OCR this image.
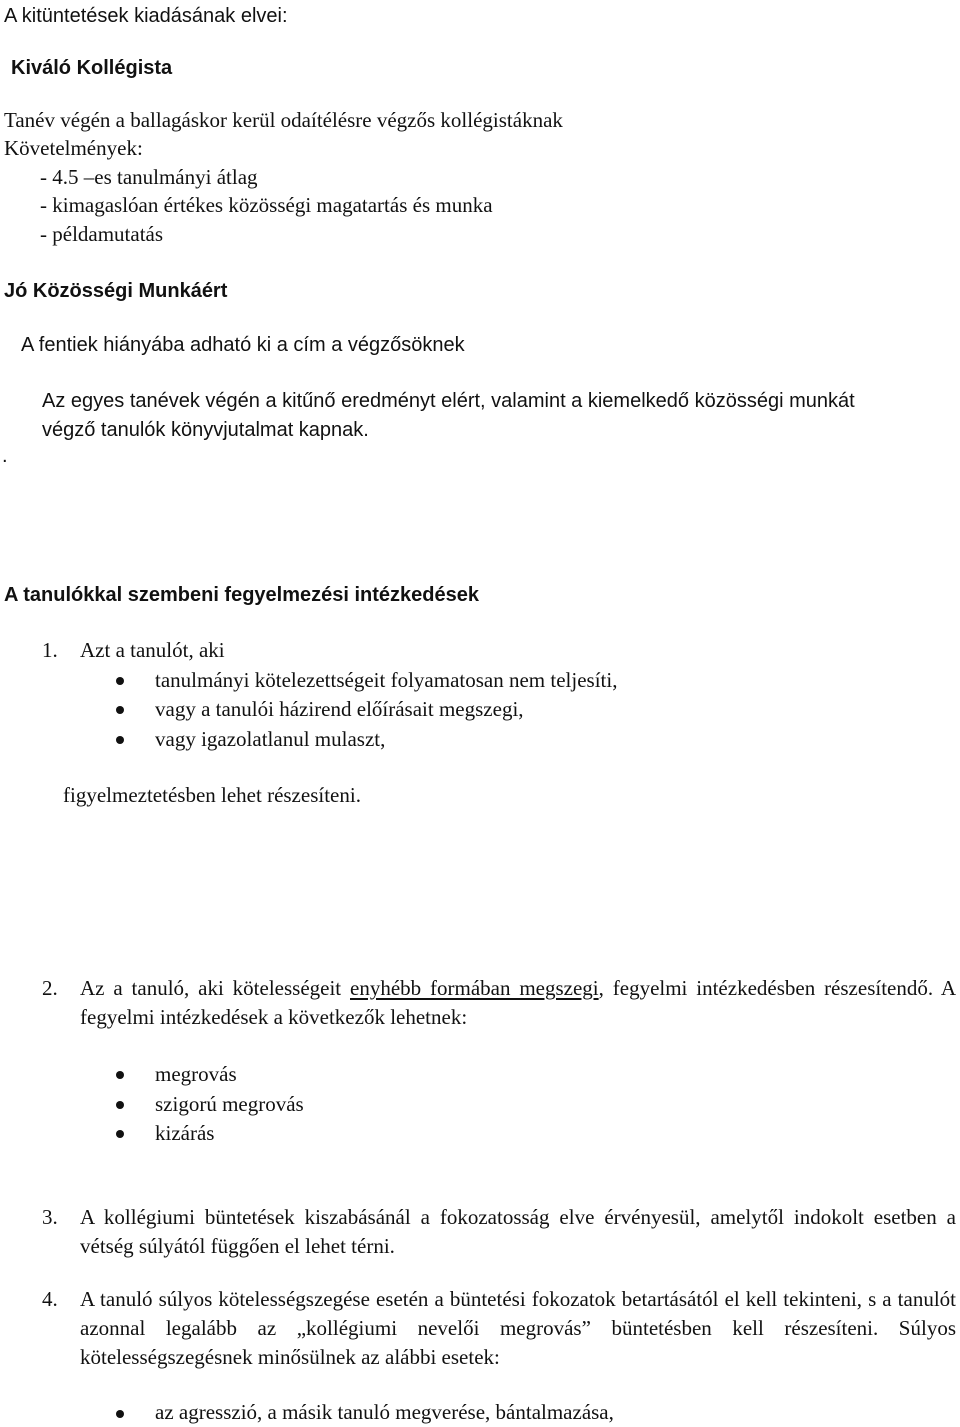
A kitüntetések kiadásának elvei:
Kiváló Kollégista
Tanév végén a ballagáskor kerül odaítélésre végzős kollégistáknak
Követelmények:
- 4.5 –es tanulmányi átlag
- kimagaslóan értékes közösségi magatartás és munka
- példamutatás
Jó Közösségi Munkáért
A fentiek hiányába adható ki a cím a végzősöknek
Az egyes tanévek végén a kitűnő eredményt elért, valamint a kiemelkedő közösségi munkát
végző tanulók könyvjutalmat kapnak.
.
A tanulókkal szembeni fegyelmezési intézkedések
1. Azt a tanulót, aki
tanulmányi kötelezettségeit folyamatosan nem teljesíti,
vagy a tanulói házirend előírásait megszegi,
vagy igazolatlanul mulaszt,
figyelmeztetésben lehet részesíteni.
2. Az a tanuló, aki kötelességeit enyhébb formában megszegi, fegyelmi intézkedésben részesítendő. A fegyelmi intézkedések a következők lehetnek:
megrovás
szigorú megrovás
kizárás
3. A kollégiumi büntetések kiszabásánál a fokozatosság elve érvényesül, amelytől indokolt esetben a vétség súlyától függően el lehet térni.
4. A tanuló súlyos kötelességszegése esetén a büntetési fokozatok betartásától el kell tekinteni, s a tanulót azonnal legalább az „kollégiumi nevelői megrovás” büntetésben kell részesíteni. Súlyos kötelességszegésnek minősülnek az alábbi esetek:
az agresszió, a másik tanuló megverése, bántalmazása,
